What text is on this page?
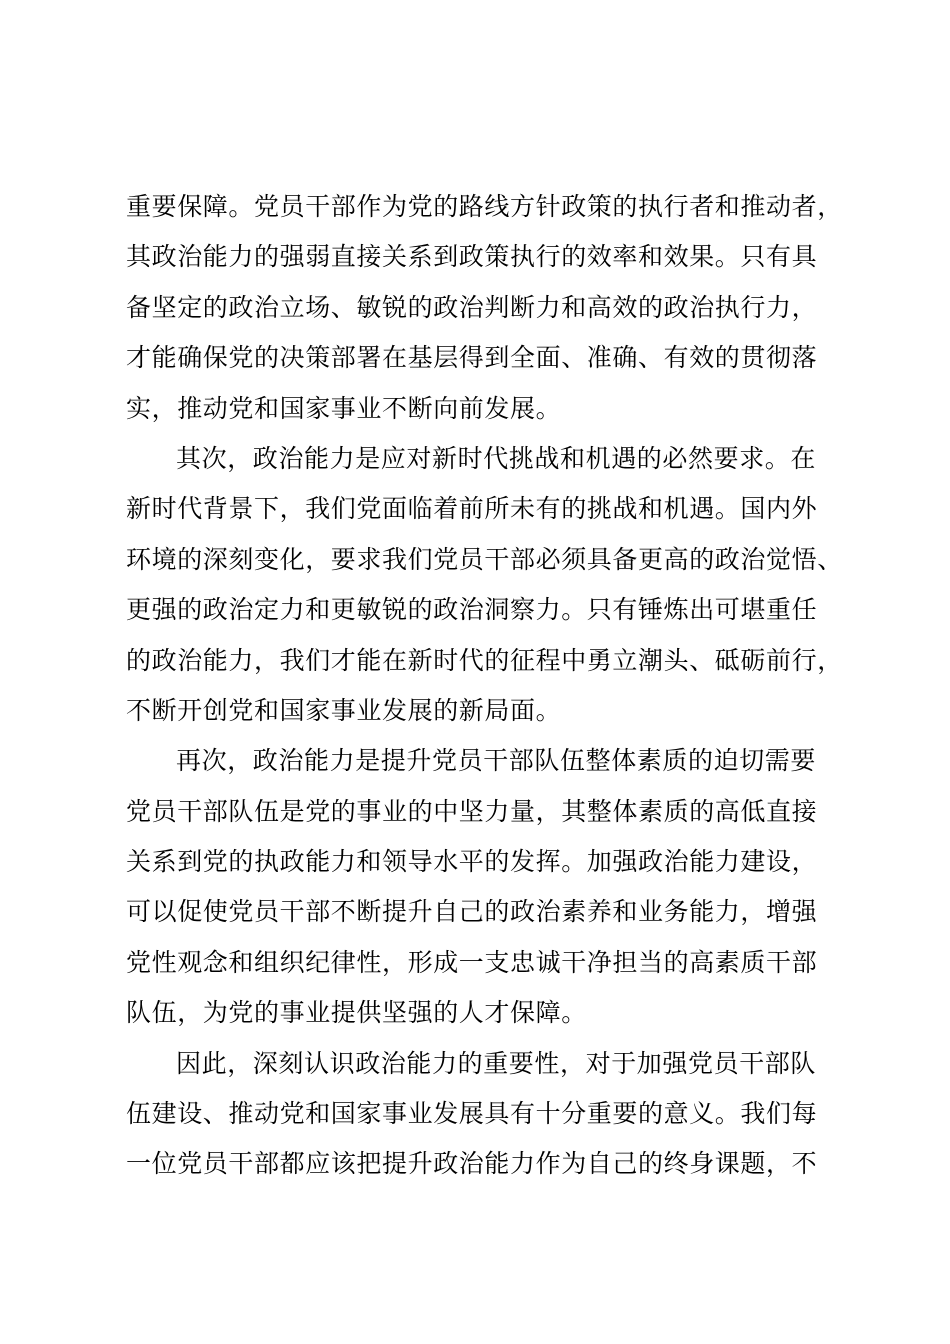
重要保障。党员干部作为党的路线方针政策的执行者和推动者，
其政治能力的强弱直接关系到政策执行的效率和效果。只有具
备坚定的政治立场、敏锐的政治判断力和高效的政治执行力，
才能确保党的决策部署在基层得到全面、准确、有效的贯彻落
实，推动党和国家事业不断向前发展。
其次，政治能力是应对新时代挑战和机遇的必然要求。在
新时代背景下，我们党面临着前所未有的挑战和机遇。国内外
环境的深刻变化，要求我们党员干部必须具备更高的政治觉悟、
更强的政治定力和更敏锐的政治洞察力。只有锤炼出可堪重任
的政治能力，我们才能在新时代的征程中勇立潮头、砥砺前行，
不断开创党和国家事业发展的新局面。
再次，政治能力是提升党员干部队伍整体素质的迫切需要
党员干部队伍是党的事业的中坚力量，其整体素质的高低直接
关系到党的执政能力和领导水平的发挥。加强政治能力建设，
可以促使党员干部不断提升自己的政治素养和业务能力，增强
党性观念和组织纪律性，形成一支忠诚干净担当的高素质干部
队伍，为党的事业提供坚强的人才保障。
因此，深刻认识政治能力的重要性，对于加强党员干部队
伍建设、推动党和国家事业发展具有十分重要的意义。我们每
一位党员干部都应该把提升政治能力作为自己的终身课题，不
